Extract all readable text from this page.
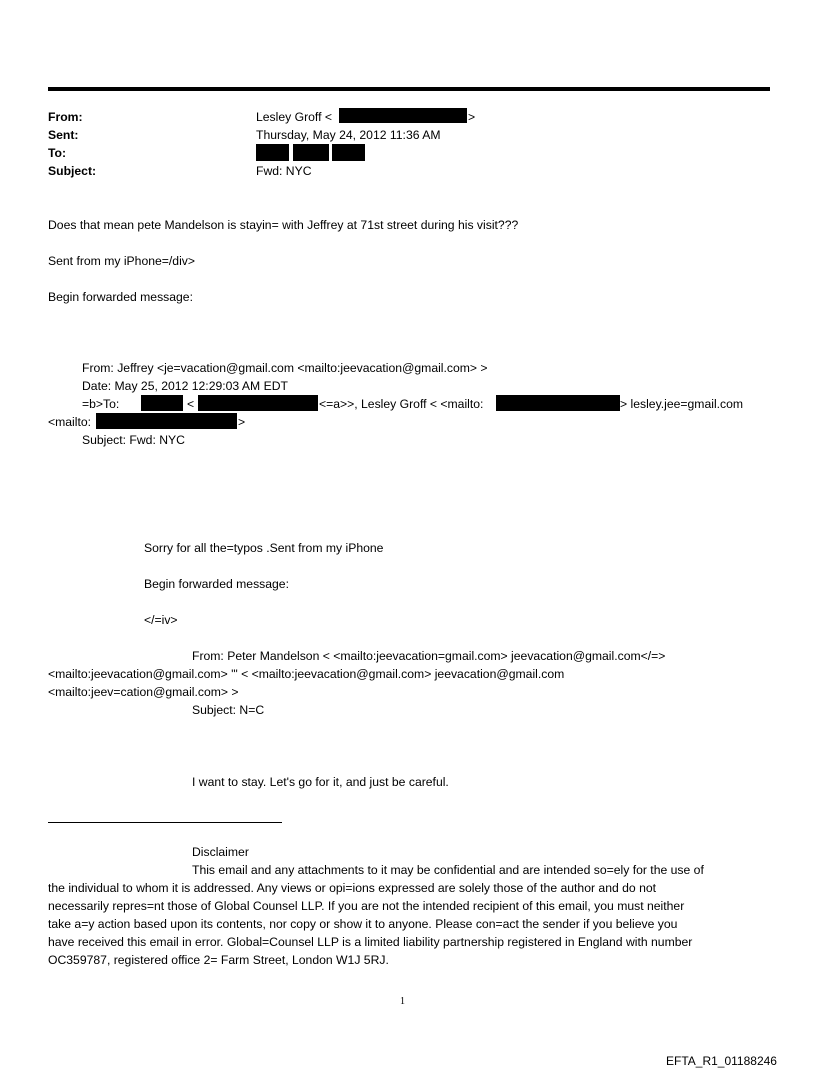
From:	Lesley Groff <	>
Sent:	Thursday, May 24, 2012 11:36 AM
To:
Subject:	Fwd: NYC
Does that mean pete Mandelson is stayin= with Jeffrey at 71st street during his visit???
Sent from my iPhone=/div>
Begin forwarded message:
From: Jeffrey <je=vacation@gmail.com <mailto:jeevacation@gmail.com> >
Date: May 25, 2012 12:29:03 AM EDT
=b>To:	<	<=a>>, Lesley Groff < <mailto:	> lesley.jee=gmail.com
<mailto:	>
Subject: Fwd: NYC
Sorry for all the=typos .Sent from my iPhone
Begin forwarded message:
</=iv>
From: Peter Mandelson < <mailto:jeevacation=gmail.com> jeevacation@gmail.com</=>
<mailto:jeevacation@gmail.com> '" < <mailto:jeevacation@gmail.com> jeevacation@gmail.com
<mailto:jeev=cation@gmail.com> >
Subject: N=C
I want to stay. Let's go for it, and just be careful.
Disclaimer
This email and any attachments to it may be confidential and are intended so=ely for the use of
the individual to whom it is addressed. Any views or opi=ions expressed are solely those of the author and do not
necessarily repres=nt those of Global Counsel LLP. If you are not the intended recipient of this email, you must neither
take a=y action based upon its contents, nor copy or show it to anyone. Please con=act the sender if you believe you
have received this email in error. Global=Counsel LLP is a limited liability partnership registered in England with number
OC359787, registered office 2= Farm Street, London W1J 5RJ.
1
EFTA_R1_01188246
